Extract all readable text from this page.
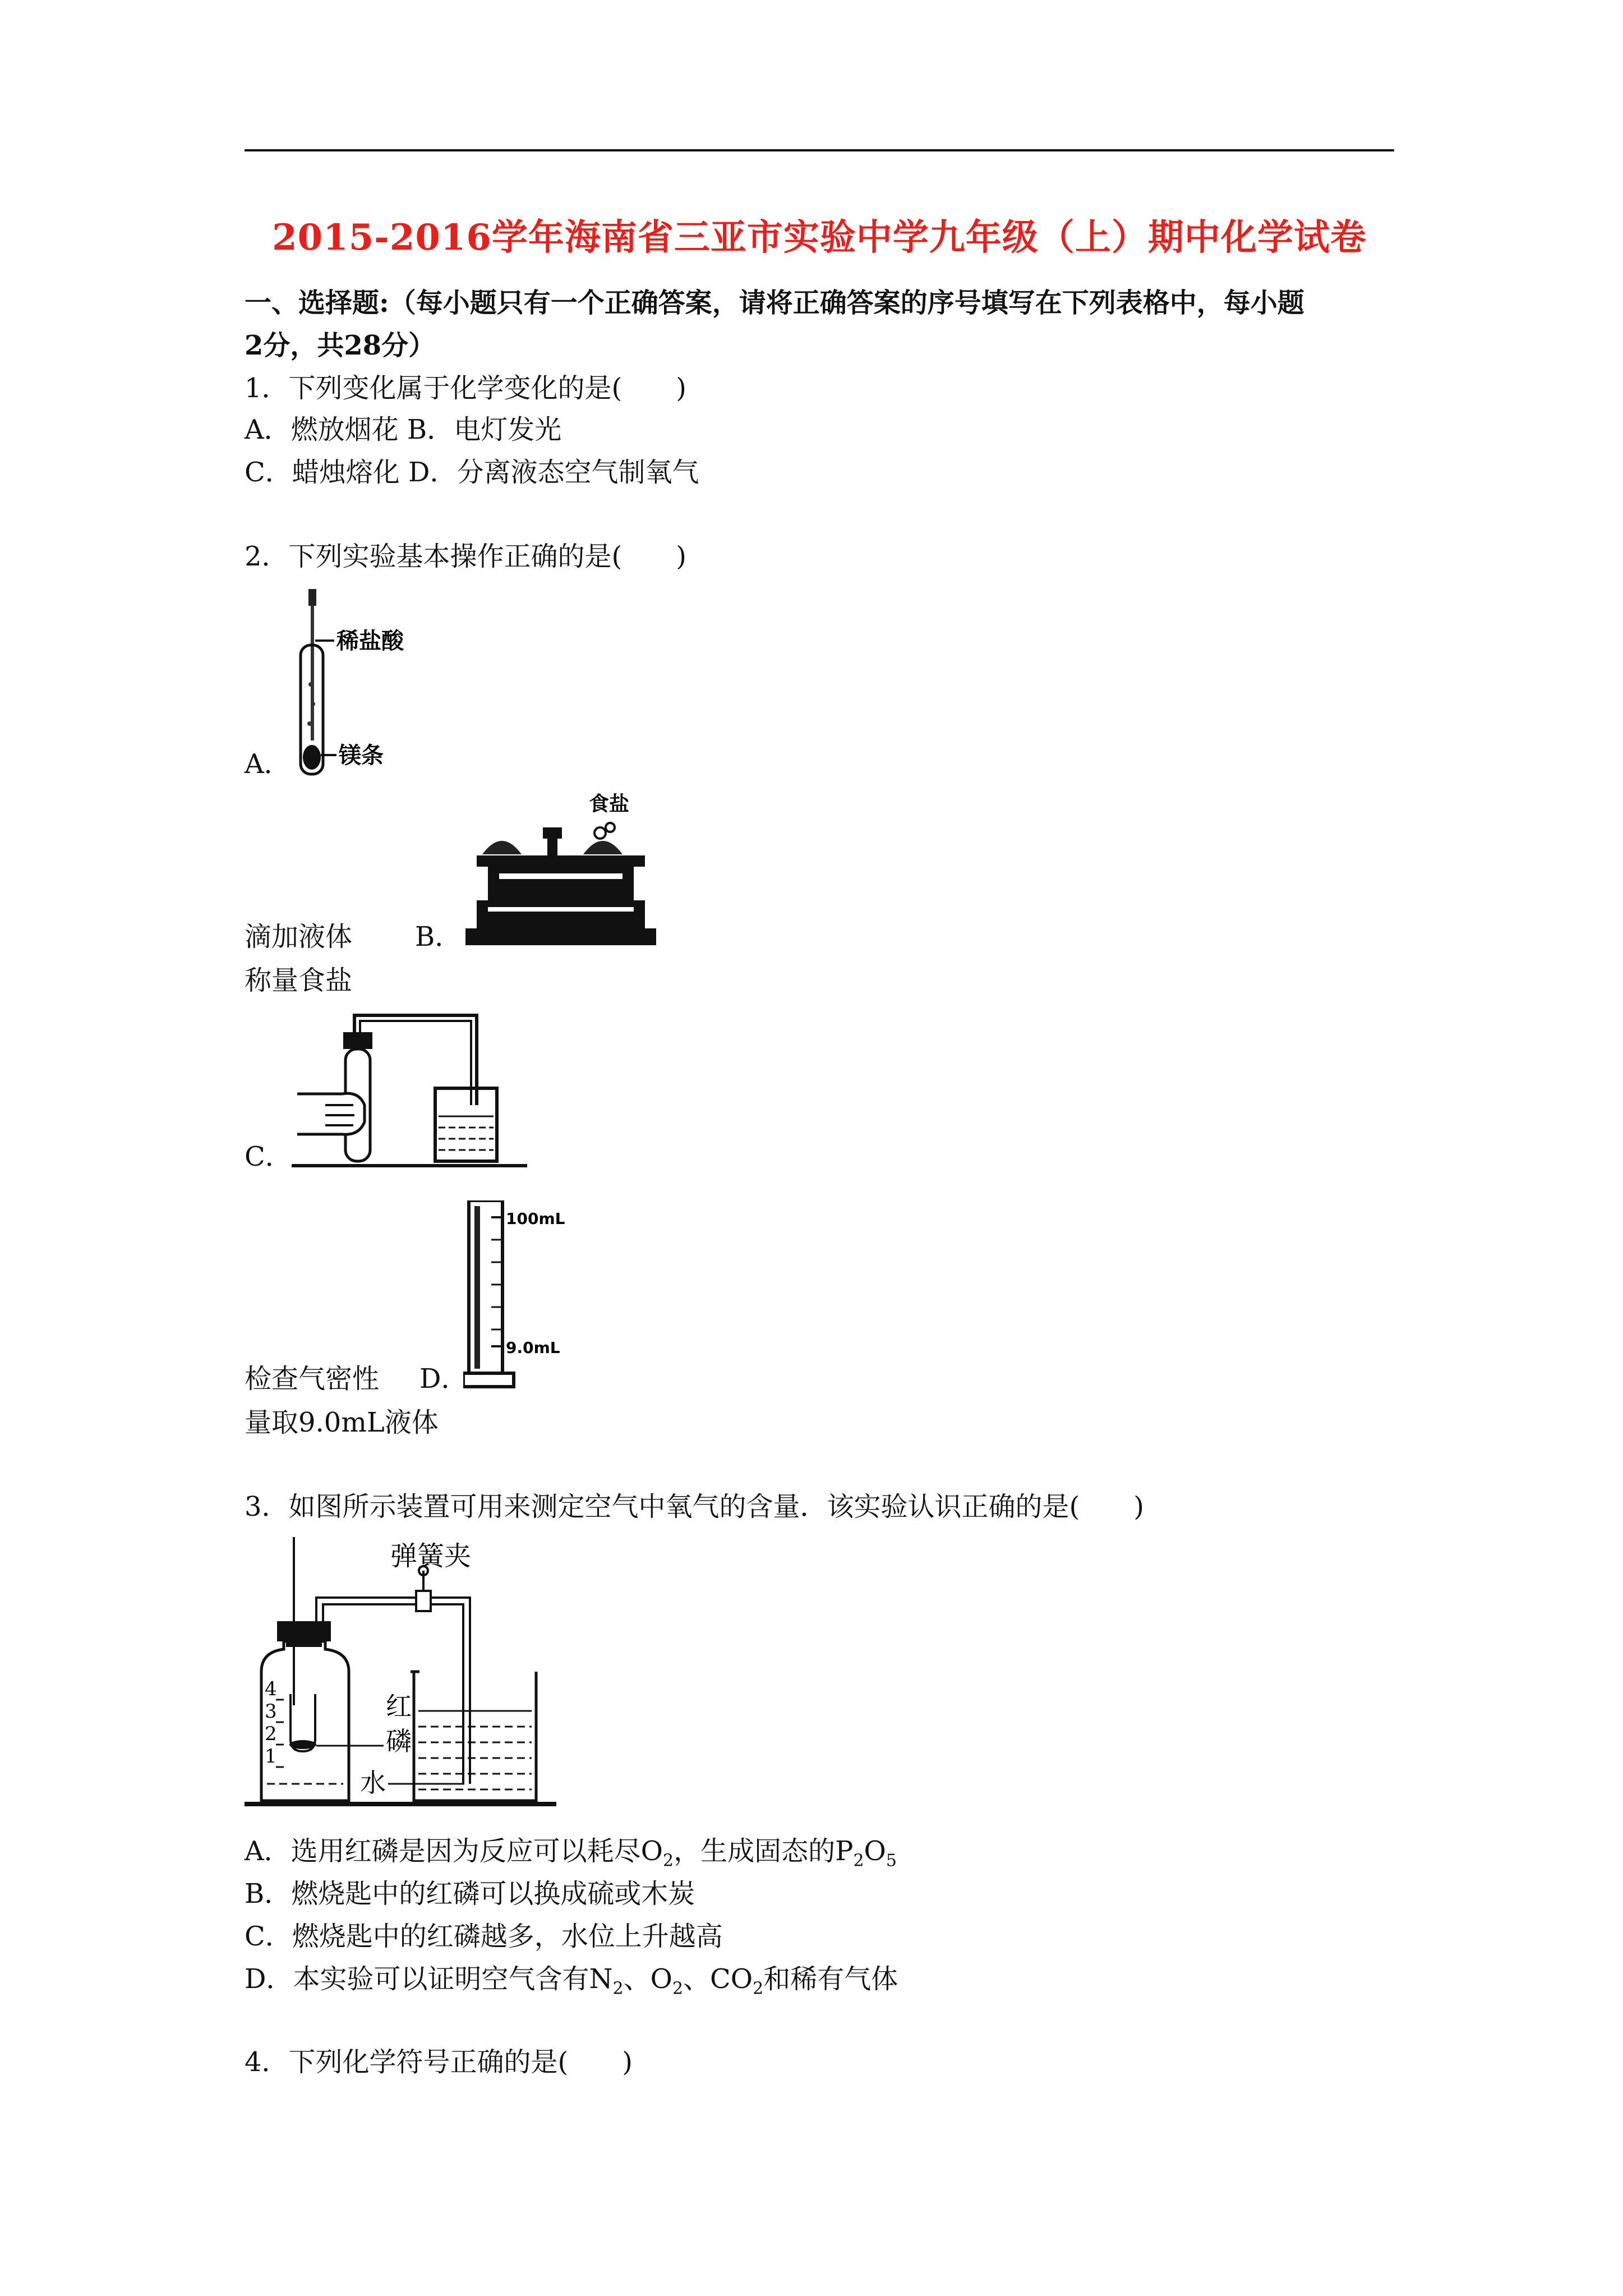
2015-2016学年海南省三亚市实验中学九年级（上）期中化学试卷
一、选择题:（每小题只有一个正确答案，请将正确答案的序号填写在下列表格中，每小题
2分，共28分）
1．下列变化属于化学变化的是(　　)
A．燃放烟花 B．电灯发光
C．蜡烛熔化 D．分离液态空气制氧气
2．下列实验基本操作正确的是(　　)
稀盐酸
镁条
A．
食盐
滴加液体 B．
称量食盐
C．
100mL
9.0mL
检查气密性 D．
量取9.0mL液体
3．如图所示装置可用来测定空气中氧气的含量．该实验认识正确的是(　　)
弹簧夹
4
3
2
1
红
磷
水
A．选用红磷是因为反应可以耗尽$O_2$，生成固态的$P_2O_5$
B．燃烧匙中的红磷可以换成硫或木炭
C．燃烧匙中的红磷越多，水位上升越高
D．本实验可以证明空气含有$N_2$、$O_2$、$CO_2$和稀有气体
4．下列化学符号正确的是(　　)
